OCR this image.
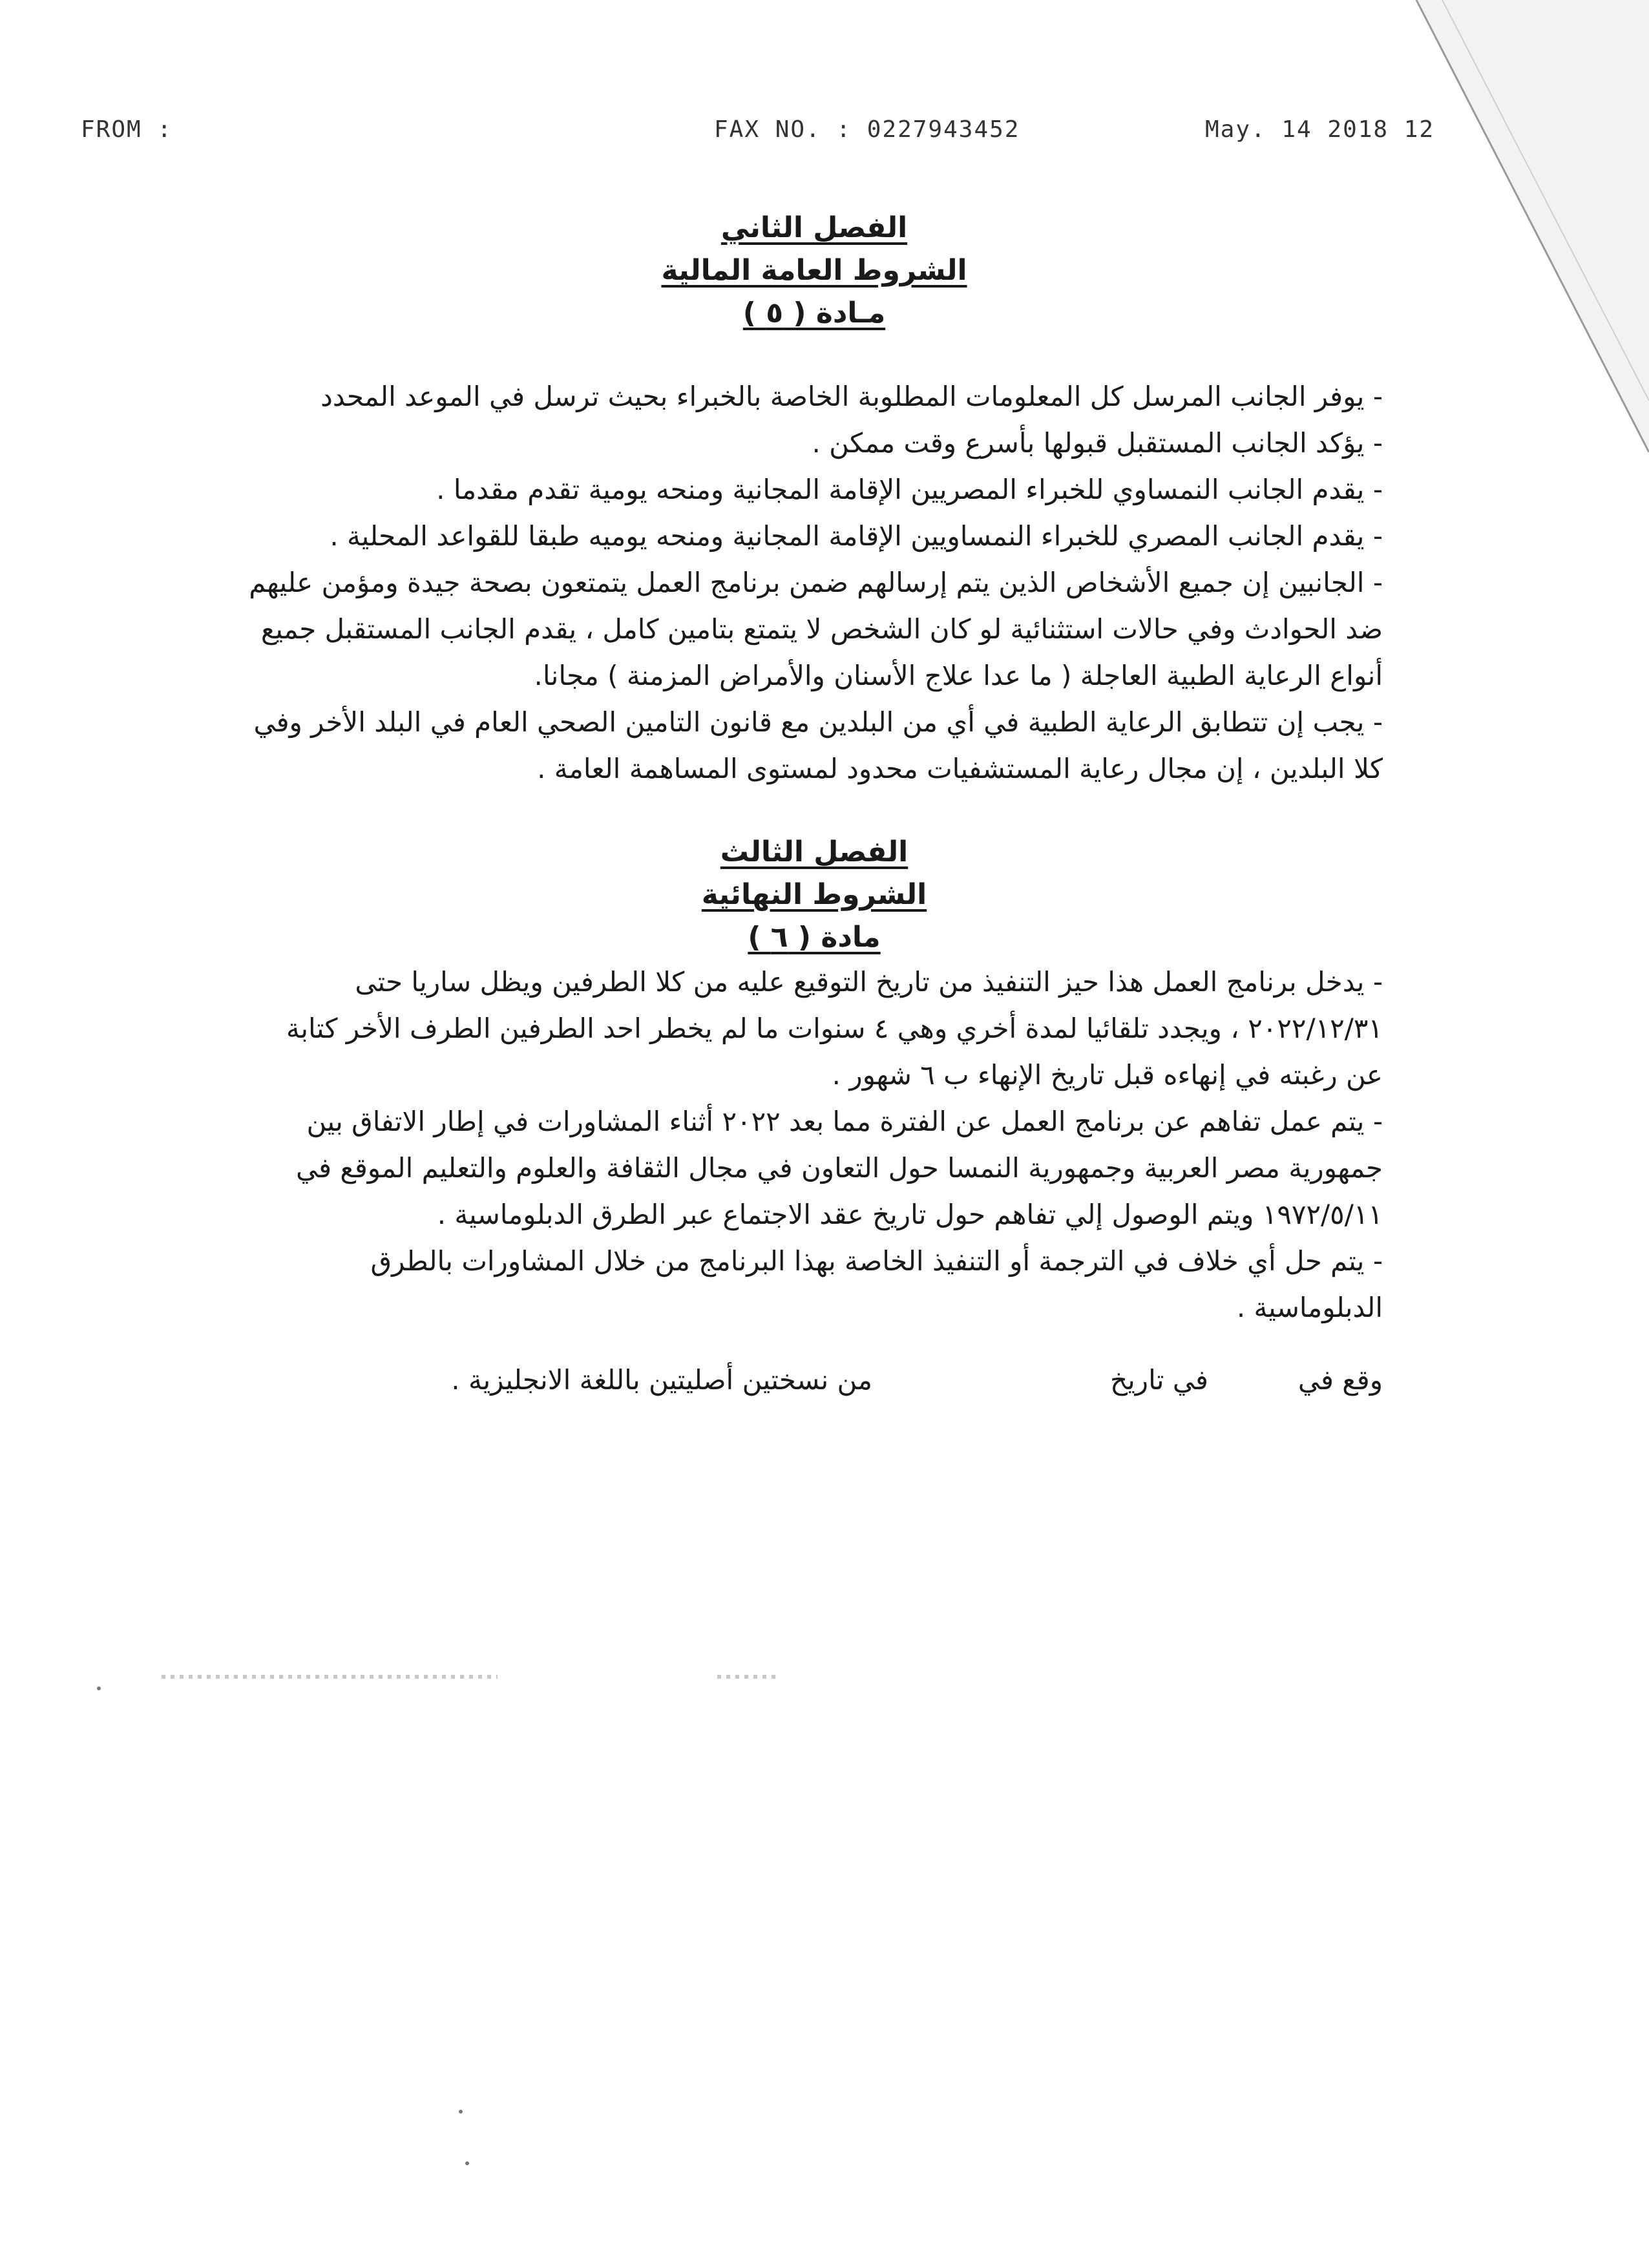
FROM :	FAX NO. : 0227943452	May. 14 2018 12
الفصل الثاني
الشروط العامة المالية
مـادة ( ٥ )

- يوفر الجانب المرسل كل المعلومات المطلوبة الخاصة بالخبراء بحيث ترسل في الموعد المحدد

- يؤكد الجانب المستقبل قبولها بأسرع وقت ممكن .

- يقدم الجانب النمساوي للخبراء المصريين الإقامة المجانية ومنحه يومية تقدم مقدما .

- يقدم الجانب المصري للخبراء النمساويين الإقامة المجانية ومنحه يوميه طبقا للقواعد المحلية .

- الجانبين إن جميع الأشخاص الذين يتم إرسالهم ضمن برنامج العمل يتمتعون بصحة جيدة ومؤمن عليهم ضد الحوادث وفي حالات استثنائية لو كان الشخص لا يتمتع بتامين كامل ، يقدم الجانب المستقبل جميع أنواع الرعاية الطبية العاجلة ( ما عدا علاج الأسنان والأمراض المزمنة ) مجانا.

- يجب إن تتطابق الرعاية الطبية في أي من البلدين مع قانون التامين الصحي العام في البلد الأخر وفي كلا البلدين ، إن مجال رعاية المستشفيات محدود لمستوى المساهمة العامة .

الفصل الثالث
الشروط النهائية
مادة ( ٦ )

- يدخل برنامج العمل هذا حيز التنفيذ من تاريخ التوقيع عليه من كلا الطرفين ويظل ساريا حتى ٢٠٢٢/١٢/٣١ ، ويجدد تلقائيا لمدة أخري وهي ٤ سنوات ما لم يخطر احد الطرفين الطرف الأخر كتابة عن رغبته في إنهاءه قبل تاريخ الإنهاء ب ٦ شهور .

- يتم عمل تفاهم عن برنامج العمل عن الفترة مما بعد ٢٠٢٢ أثناء المشاورات في إطار الاتفاق بين جمهورية مصر العربية وجمهورية النمسا حول التعاون في مجال الثقافة والعلوم والتعليم الموقع في ١٩٧٢/٥/١١ ويتم الوصول إلي تفاهم حول تاريخ عقد الاجتماع عبر الطرق الدبلوماسية .

- يتم حل أي خلاف في الترجمة أو التنفيذ الخاصة بهذا البرنامج من خلال المشاورات بالطرق الدبلوماسية .

وقع في
في تاريخ
من نسختين أصليتين باللغة الانجليزية .
